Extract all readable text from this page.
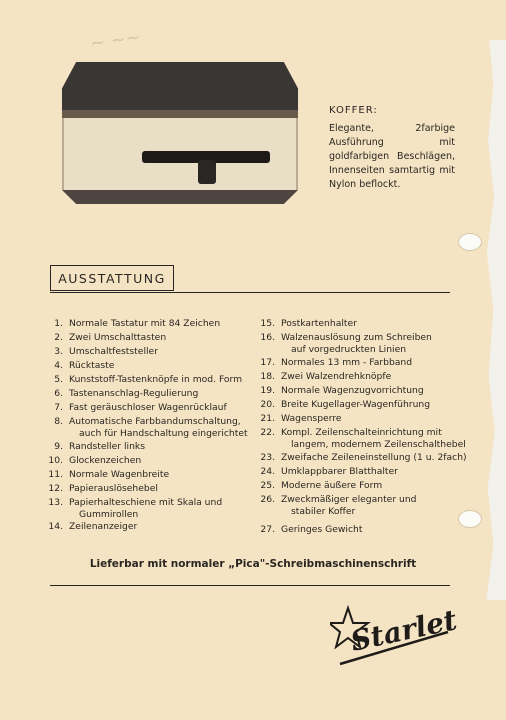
~ ~~
KOFFER:
Elegante, 2farbige Ausführung mit goldfarbigen Beschlägen, Innenseiten samtartig mit Nylon beflockt.
AUSSTATTUNG
1. Normale Tastatur mit 84 Zeichen
2. Zwei Umschalttasten
3. Umschaltfeststeller
4. Rücktaste
5. Kunststoff-Tastenknöpfe in mod. Form
6. Tastenanschlag-Regulierung
7. Fast geräuschloser Wagenrücklauf
8. Automatische Farbbandumschaltung,
auch für Handschaltung eingerichtet
9. Randsteller links
10. Glockenzeichen
11. Normale Wagenbreite
12. Papierauslösehebel
13. Papierhalteschiene mit Skala und
Gummirollen
14. Zeilenanzeiger
15. Postkartenhalter
16. Walzenauslösung zum Schreiben
auf vorgedruckten Linien
17. Normales 13 mm - Farbband
18. Zwei Walzendrehknöpfe
19. Normale Wagenzugvorrichtung
20. Breite Kugellager-Wagenführung
21. Wagensperre
22. Kompl. Zeilenschalteinrichtung mit
langem, modernem Zeilenschalthebel
23. Zweifache Zeileneinstellung (1 u. 2fach)
24. Umklappbarer Blatthalter
25. Moderne äußere Form
26. Zweckmäßiger eleganter und
stabiler Koffer
27. Geringes Gewicht
Lieferbar mit normaler „Pica"-Schreibmaschinenschrift
Starlet
